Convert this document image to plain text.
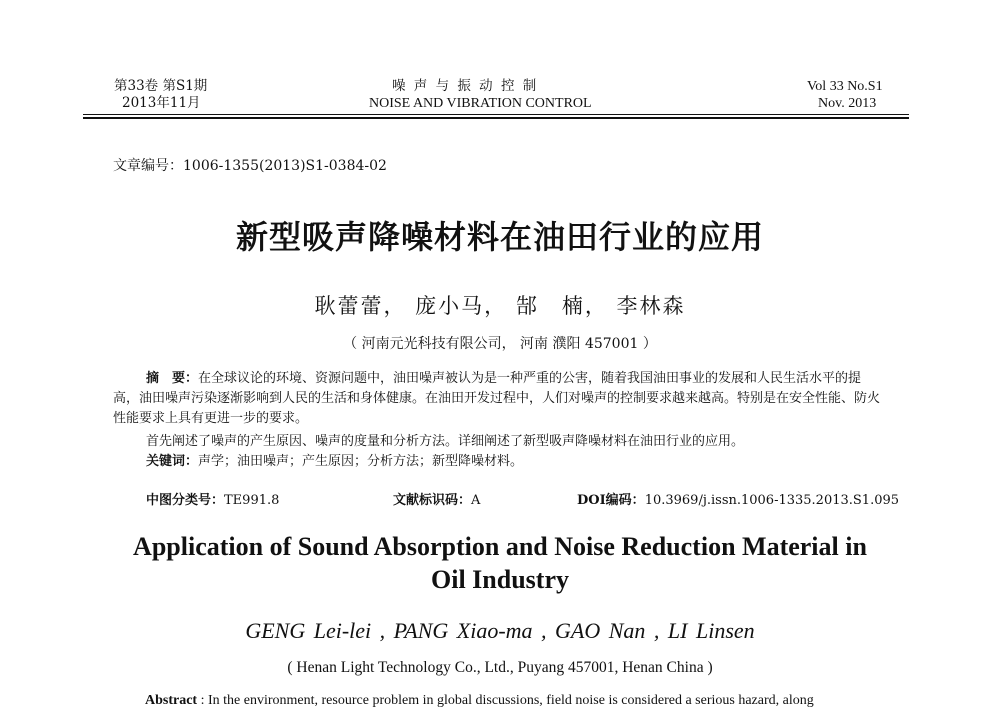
第33卷 第S1期
2013年11月
噪 声 与 振 动 控 制
NOISE AND VIBRATION CONTROL
Vol 33 No.S1
Nov. 2013
文章编号：1006-1355(2013)S1-0384-02
新型吸声降噪材料在油田行业的应用
耿蕾蕾， 庞小马， 郜　楠， 李林森
（ 河南元光科技有限公司， 河南 濮阳 457001 ）

摘　要：在全球议论的环境、资源问题中，油田噪声被认为是一种严重的公害，随着我国油田事业的发展和人民生活水平的提高，油田噪声污染逐渐影响到人民的生活和身体健康。在油田开发过程中，人们对噪声的控制要求越来越高。特别是在安全性能、防火性能要求上具有更进一步的要求。

首先阐述了噪声的产生原因、噪声的度量和分析方法。详细阐述了新型吸声降噪材料在油田行业的应用。

关键词：声学；油田噪声；产生原因；分析方法；新型降噪材料。

中图分类号：TE991.8	文献标识码：A	DOI编码：10.3969/j.issn.1006-1335.2013.S1.095
Application of Sound Absorption and Noise Reduction Material in
Oil Industry
GENG Lei-lei , PANG Xiao-ma , GAO Nan , LI Linsen
( Henan Light Technology Co., Ltd., Puyang 457001, Henan China )
Abstract : In the environment, resource problem in global discussions, field noise is considered a serious hazard, along
